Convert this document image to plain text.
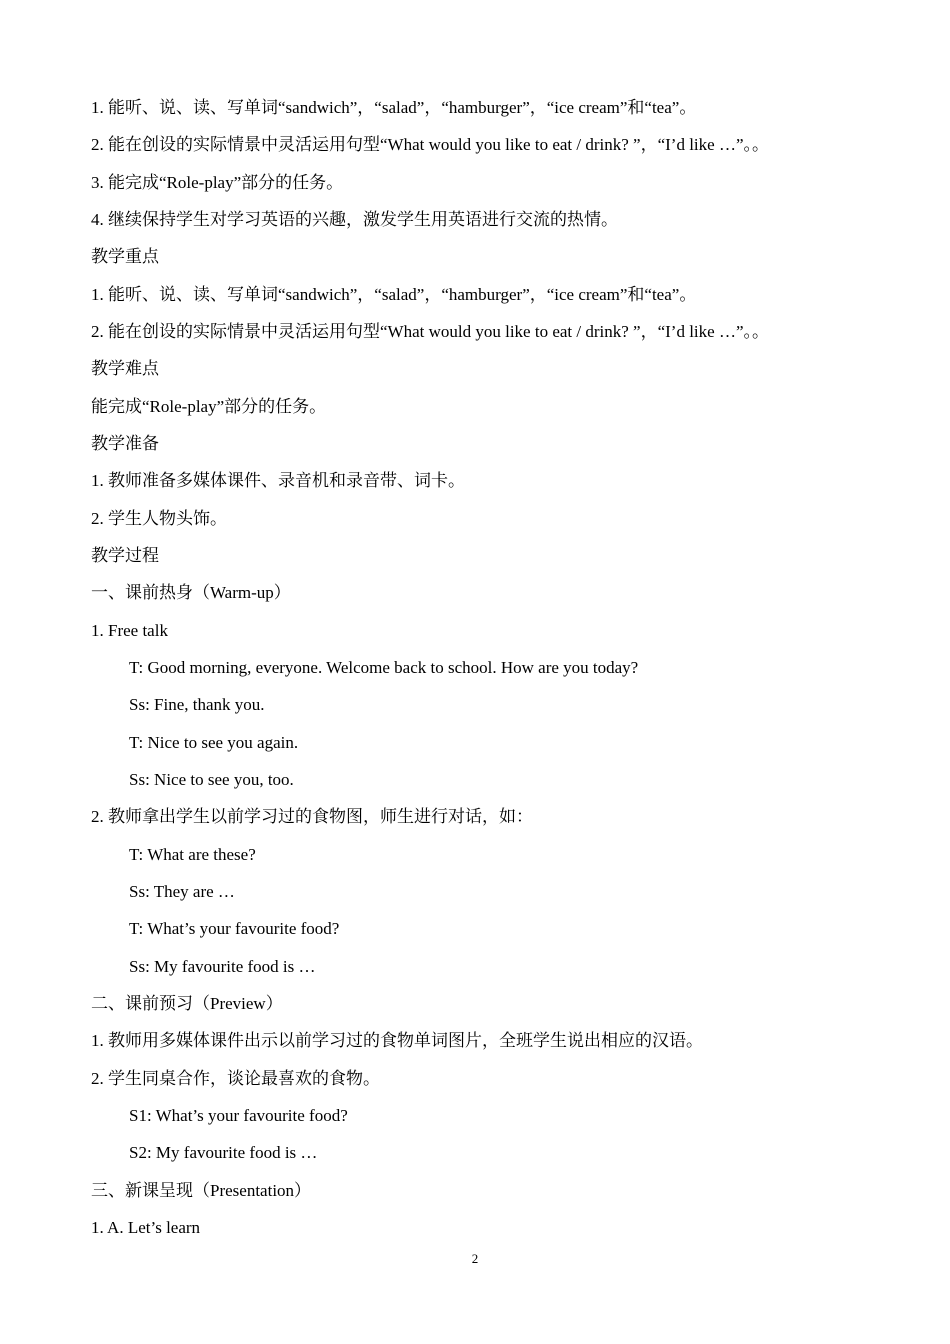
1. 能听、说、读、写单词“sandwich”，“salad”，“hamburger”，“ice cream”和“tea”。
2. 能在创设的实际情景中灵活运用句型“What would you like to eat / drink? ”，“I’d like …”。。
3. 能完成“Role-play”部分的任务。
4. 继续保持学生对学习英语的兴趣，激发学生用英语进行交流的热情。
教学重点
1. 能听、说、读、写单词“sandwich”，“salad”，“hamburger”，“ice cream”和“tea”。
2. 能在创设的实际情景中灵活运用句型“What would you like to eat / drink? ”，“I’d like …”。。
教学难点
能完成“Role-play”部分的任务。
教学准备
1. 教师准备多媒体课件、录音机和录音带、词卡。
2. 学生人物头饰。
教学过程
一、课前热身（Warm-up）
1. Free talk
T: Good morning, everyone. Welcome back to school. How are you today?
Ss: Fine, thank you.
T: Nice to see you again.
Ss: Nice to see you, too.
2. 教师拿出学生以前学习过的食物图，师生进行对话，如：
T: What are these?
Ss: They are …
T: What’s your favourite food?
Ss: My favourite food is …
二、课前预习（Preview）
1. 教师用多媒体课件出示以前学习过的食物单词图片，全班学生说出相应的汉语。
2. 学生同桌合作，谈论最喜欢的食物。
S1: What’s your favourite food?
S2: My favourite food is …
三、新课呈现（Presentation）
1. A. Let’s learn
2
